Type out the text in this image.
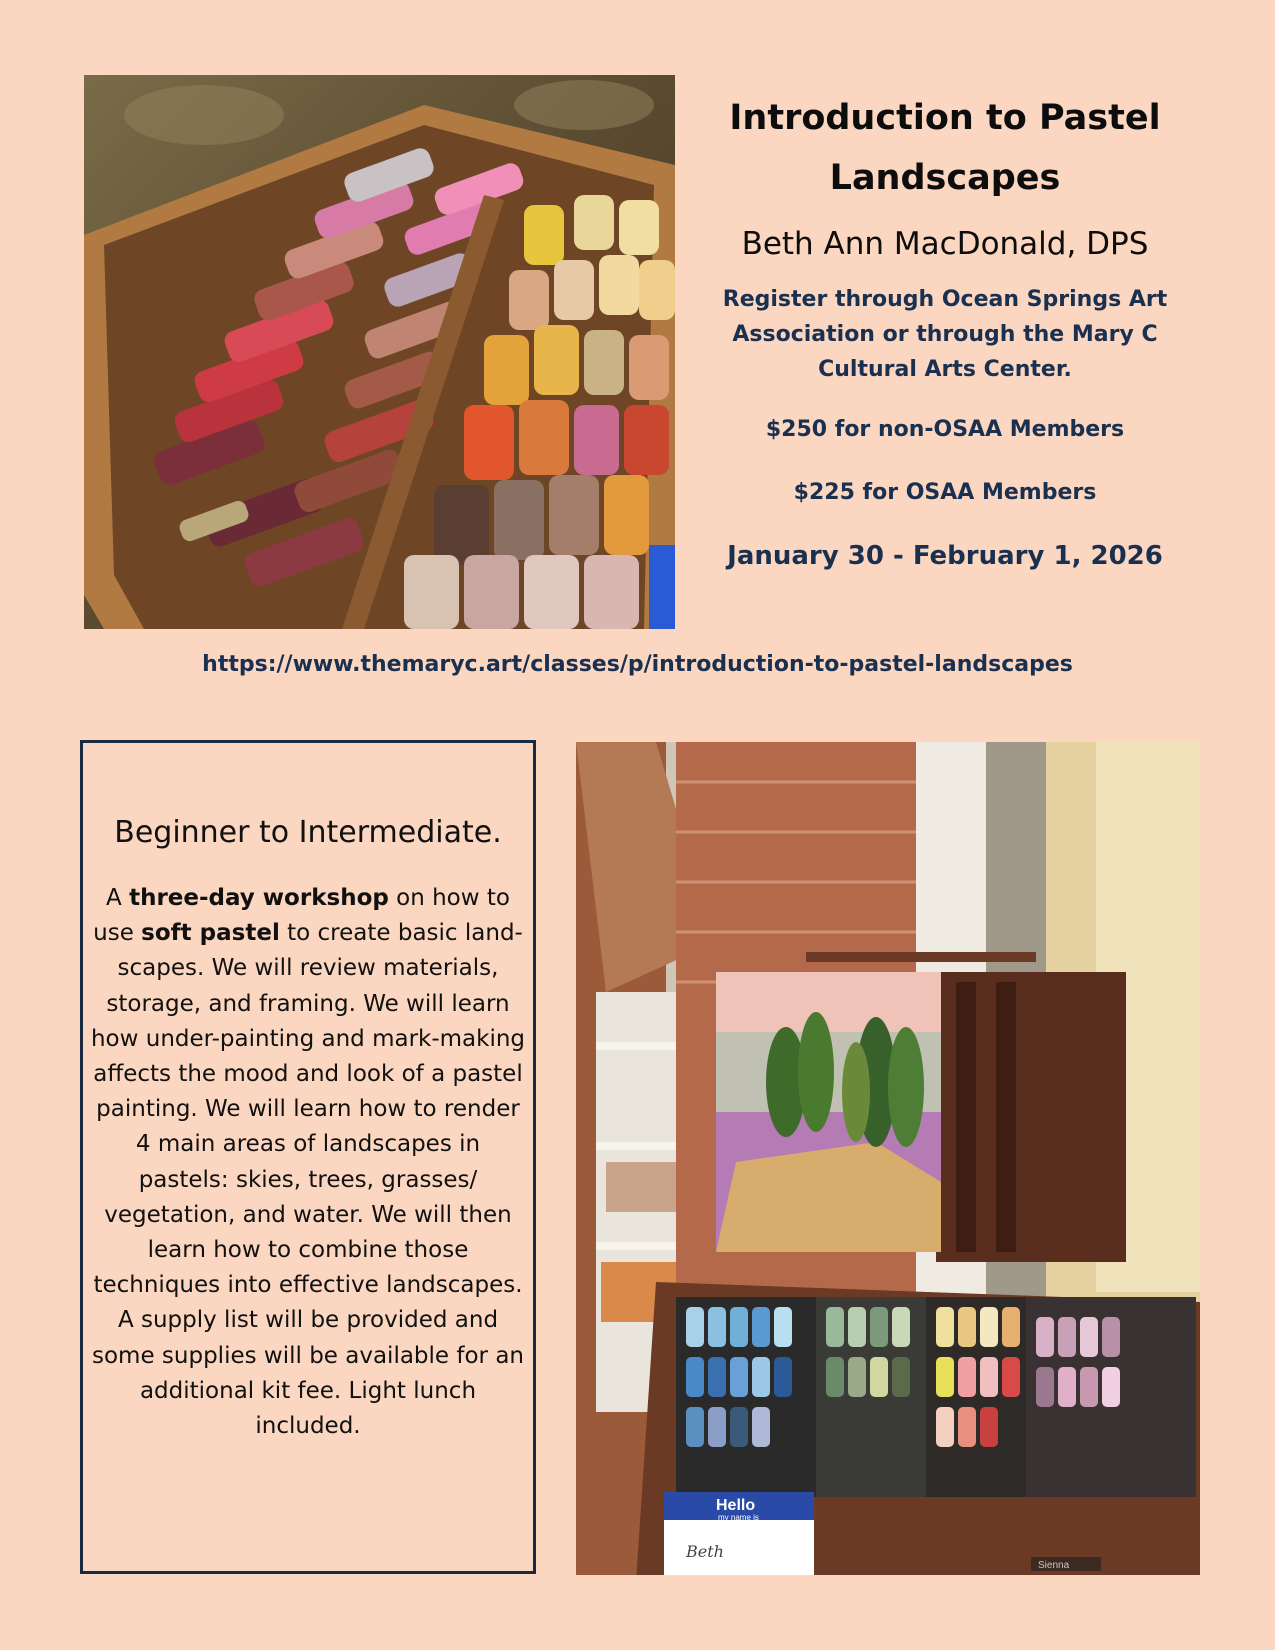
Introduction to Pastel
Landscapes
Beth Ann MacDonald, DPS
Register through Ocean Springs Art Association or through the Mary C Cultural Arts Center.
$250 for non-OSAA Members
$225 for OSAA Members
January 30 - February 1, 2026
https://www.themaryc.art/classes/p/introduction-to-pastel-landscapes
Beginner to Intermediate.
A three-day workshop on how to use soft pastel to create basic land-scapes. We will review materials, storage, and framing. We will learn how under-painting and mark-making affects the mood and look of a pastel painting. We will learn how to render 4 main areas of landscapes in pastels: skies, trees, grasses/ vegetation, and water. We will then learn how to combine those techniques into effective landscapes. A supply list will be provided and some supplies will be available for an additional kit fee. Light lunch included.
Hello
my name is
Beth
Sienna
